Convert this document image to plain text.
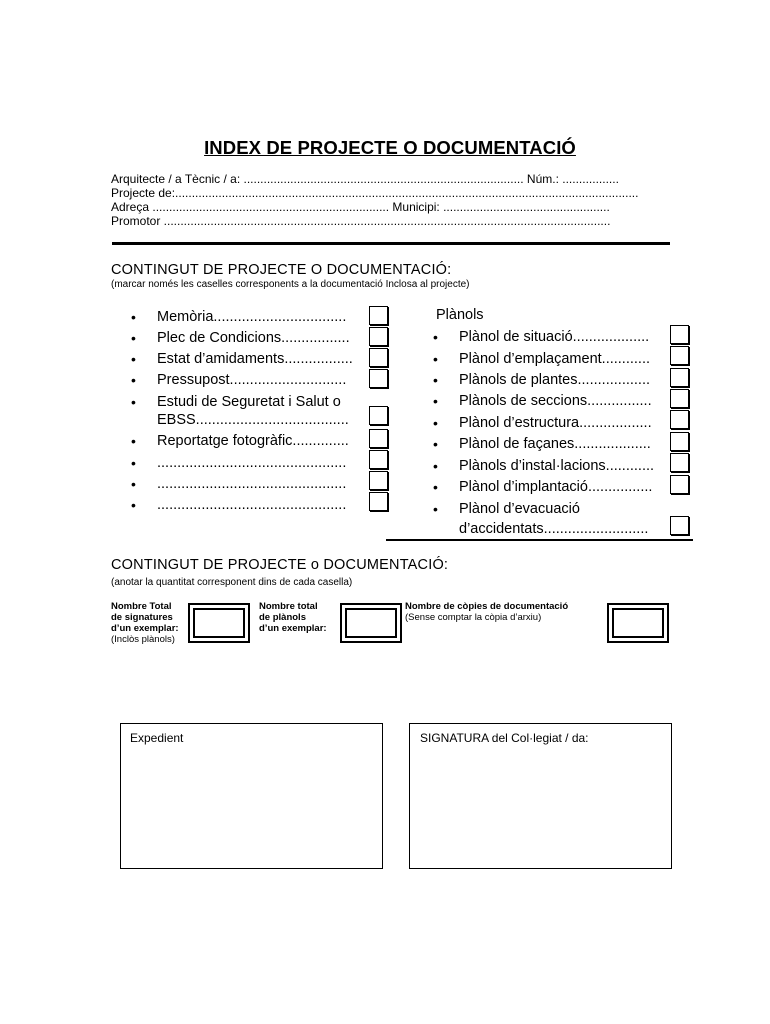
INDEX DE PROJECTE O DOCUMENTACIÓ
Arquitecte / a Tècnic / a: .................................................................................... Núm.: .................
Projecte de:...........................................................................................................................................
Adreça ....................................................................... Municipi: ..................................................
Promotor ......................................................................................................................................
CONTINGUT DE PROJECTE O DOCUMENTACIÓ:
(marcar només les caselles corresponents a la documentació Inclosa al projecte)
• Memòria.................................
• Plec de Condicions.................
• Estat d’amidaments.................
• Pressupost.............................
• Estudi de Seguretat i Salut o
EBSS......................................
• Reportatge fotogràfic..............
• ...............................................
• ...............................................
• ...............................................
Plànols
• Plànol de situació...................
• Plànol d’emplaçament............
• Plànols de plantes..................
• Plànols de seccions................
• Plànol d’estructura..................
• Plànol de façanes...................
• Plànols d’instal·lacions............
• Plànol d’implantació................
• Plànol d’evacuació
d’accidentats..........................
CONTINGUT DE PROJECTE o DOCUMENTACIÓ:
(anotar la quantitat corresponent dins de cada casella)
Nombre Total
de signatures
d’un exemplar:
(Inclòs plànols)
Nombre total
de plànols
d’un exemplar:
Nombre de còpies de documentació
(Sense comptar la còpia d’arxiu)
Expedient	SIGNATURA del Col·legiat / da:
